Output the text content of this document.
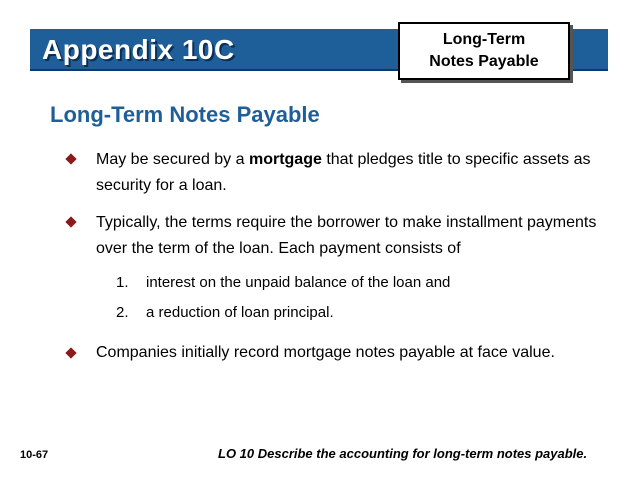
Appendix 10C	Long-Term
Notes Payable
Long-Term Notes Payable
May be secured by a mortgage that pledges title to specific assets as security for a loan.
Typically, the terms require the borrower to make installment payments over the term of the loan. Each payment consists of
1. interest on the unpaid balance of the loan and
2. a reduction of loan principal.
Companies initially record mortgage notes payable at face value.
10-67	LO 10 Describe the accounting for long-term notes payable.
